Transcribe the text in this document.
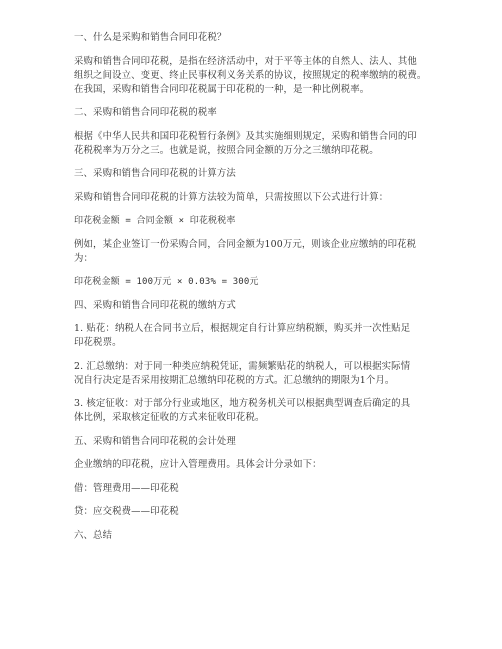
一、什么是采购和销售合同印花税？

采购和销售合同印花税，是指在经济活动中，对于平等主体的自然人、法人、其他

组织之间设立、变更、终止民事权利义务关系的协议，按照规定的税率缴纳的税费。

在我国，采购和销售合同印花税属于印花税的一种，是一种比例税率。

二、采购和销售合同印花税的税率

根据《中华人民共和国印花税暂行条例》及其实施细则规定，采购和销售合同的印

花税税率为万分之三。也就是说，按照合同金额的万分之三缴纳印花税。

三、采购和销售合同印花税的计算方法

采购和销售合同印花税的计算方法较为简单，只需按照以下公式进行计算：

印花税金额 = 合同金额 × 印花税税率

例如，某企业签订一份采购合同，合同金额为100万元，则该企业应缴纳的印花税

为：

印花税金额 = 100万元 × 0.03% = 300元

四、采购和销售合同印花税的缴纳方式

1. 贴花：纳税人在合同书立后，根据规定自行计算应纳税额，购买并一次性贴足

印花税票。

2. 汇总缴纳：对于同一种类应纳税凭证，需频繁贴花的纳税人，可以根据实际情

况自行决定是否采用按期汇总缴纳印花税的方式。汇总缴纳的期限为1个月。

3. 核定征收：对于部分行业或地区，地方税务机关可以根据典型调查后确定的具

体比例，采取核定征收的方式来征收印花税。

五、采购和销售合同印花税的会计处理

企业缴纳的印花税，应计入管理费用。具体会计分录如下：

借：管理费用——印花税

贷：应交税费——印花税

六、总结
